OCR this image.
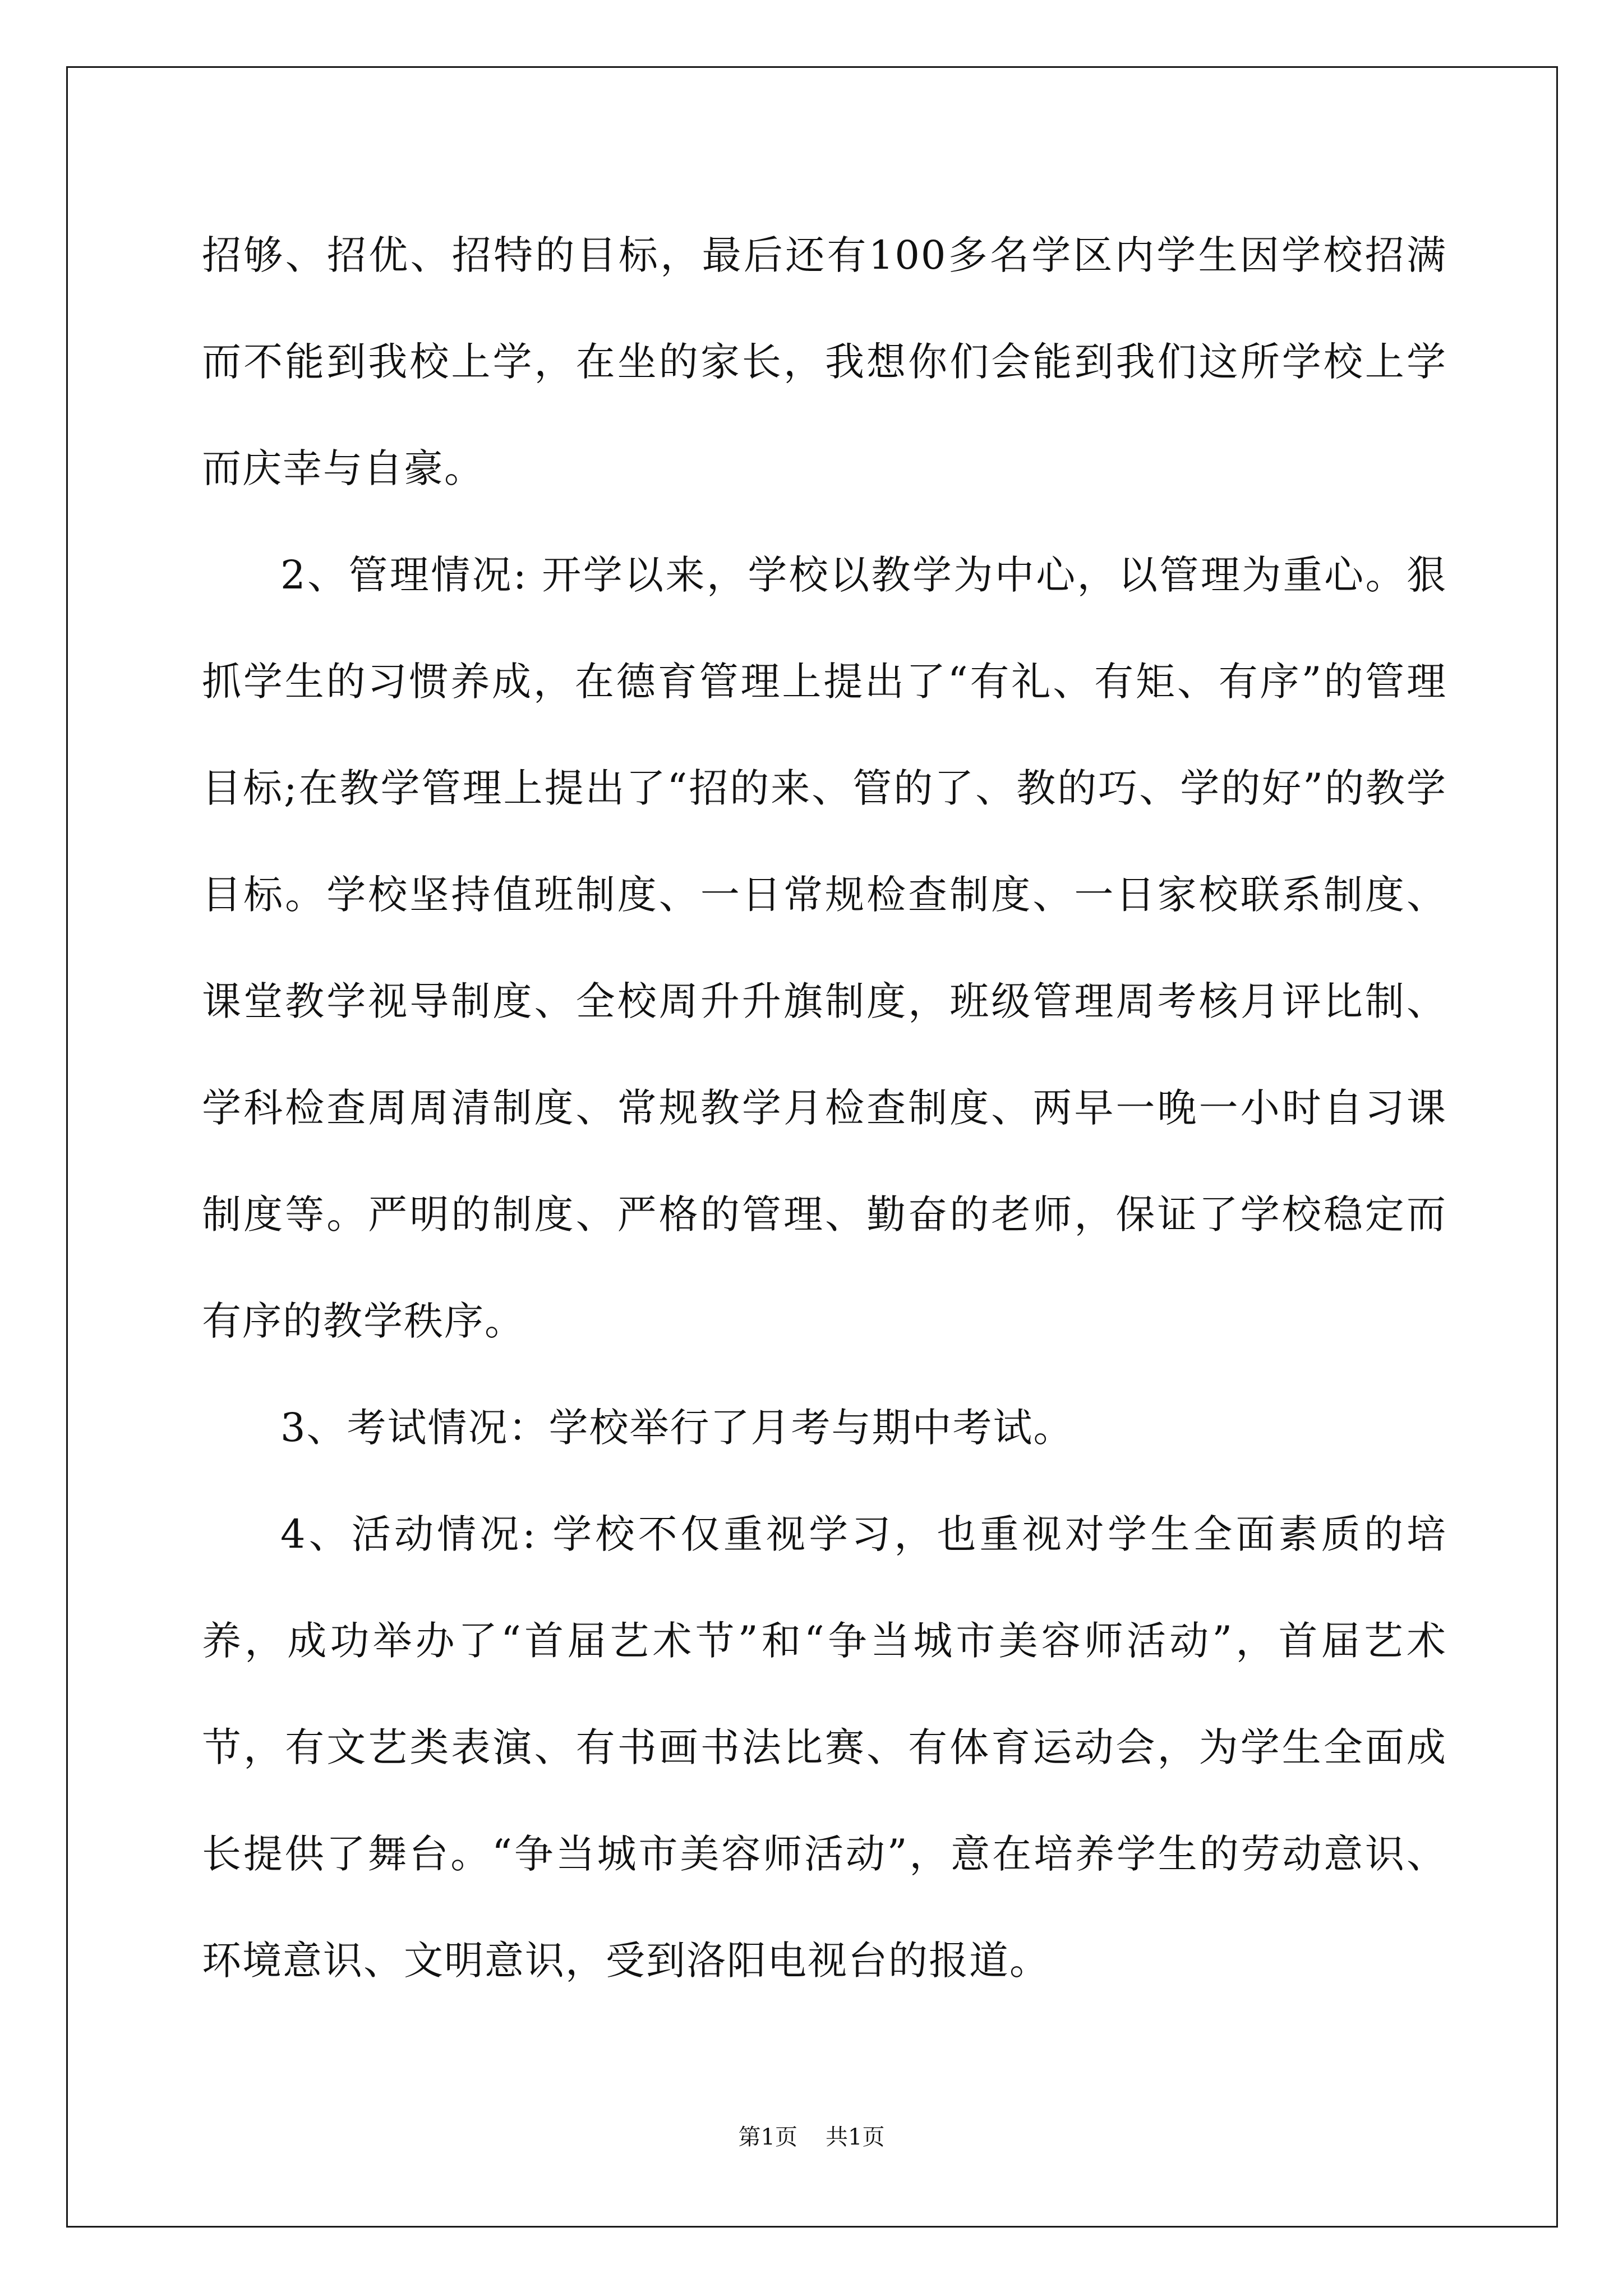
招够、招优、招特的目标，最后还有100多名学区内学生因学校招满而不能到我校上学，在坐的家长，我想你们会能到我们这所学校上学而庆幸与自豪。

2、管理情况: 开学以来，学校以教学为中心，以管理为重心。狠抓学生的习惯养成，在德育管理上提出了“有礼、有矩、有序”的管理目标;在教学管理上提出了“招的来、管的了、教的巧、学的好”的教学目标。学校坚持值班制度、一日常规检查制度、一日家校联系制度、课堂教学视导制度、全校周升升旗制度，班级管理周考核月评比制、学科检查周周清制度、常规教学月检查制度、两早一晚一小时自习课制度等。严明的制度、严格的管理、勤奋的老师，保证了学校稳定而有序的教学秩序。

3、考试情况：学校举行了月考与期中考试。

4、活动情况: 学校不仅重视学习，也重视对学生全面素质的培养，成功举办了“首届艺术节”和“争当城市美容师活动”，首届艺术节，有文艺类表演、有书画书法比赛、有体育运动会，为学生全面成长提供了舞台。“争当城市美容师活动”，意在培养学生的劳动意识、环境意识、文明意识，受到洛阳电视台的报道。

第1页 共1页
